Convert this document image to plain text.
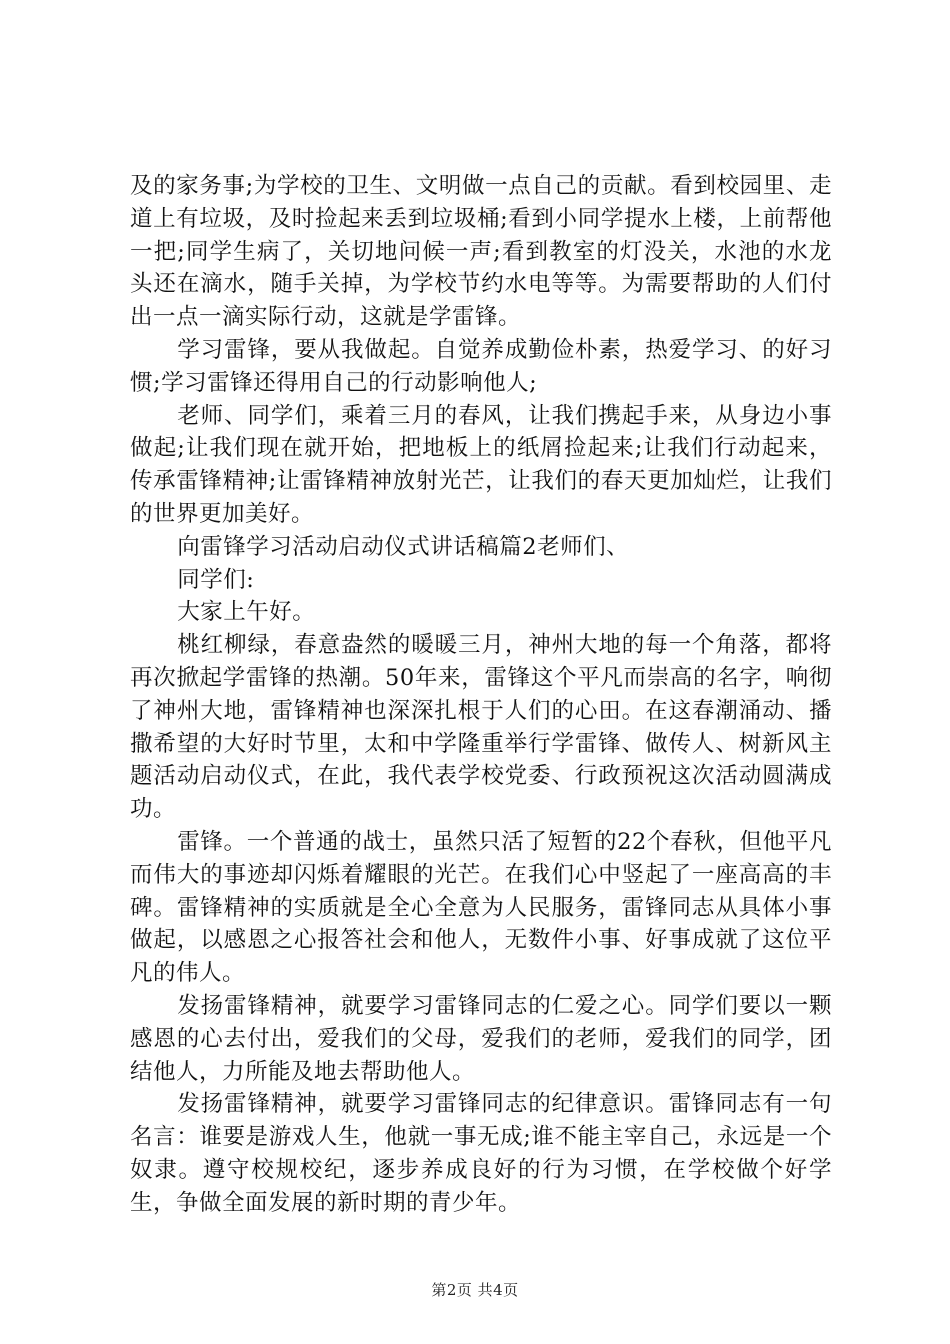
及的家务事;为学校的卫生、文明做一点自己的贡献。看到校园里、走道上有垃圾，及时捡起来丢到垃圾桶;看到小同学提水上楼，上前帮他一把;同学生病了，关切地问候一声;看到教室的灯没关，水池的水龙头还在滴水，随手关掉，为学校节约水电等等。为需要帮助的人们付出一点一滴实际行动，这就是学雷锋。

学习雷锋，要从我做起。自觉养成勤俭朴素，热爱学习、的好习惯;学习雷锋还得用自己的行动影响他人;

老师、同学们，乘着三月的春风，让我们携起手来，从身边小事做起;让我们现在就开始，把地板上的纸屑捡起来;让我们行动起来，传承雷锋精神;让雷锋精神放射光芒，让我们的春天更加灿烂，让我们的世界更加美好。

向雷锋学习活动启动仪式讲话稿篇2老师们、

同学们:

大家上午好。

桃红柳绿，春意盎然的暖暖三月，神州大地的每一个角落，都将再次掀起学雷锋的热潮。50年来，雷锋这个平凡而崇高的名字，响彻了神州大地，雷锋精神也深深扎根于人们的心田。在这春潮涌动、播撒希望的大好时节里，太和中学隆重举行学雷锋、做传人、树新风主题活动启动仪式，在此，我代表学校党委、行政预祝这次活动圆满成功。

雷锋。一个普通的战士，虽然只活了短暂的22个春秋，但他平凡而伟大的事迹却闪烁着耀眼的光芒。在我们心中竖起了一座高高的丰碑。雷锋精神的实质就是全心全意为人民服务，雷锋同志从具体小事做起，以感恩之心报答社会和他人，无数件小事、好事成就了这位平凡的伟人。

发扬雷锋精神，就要学习雷锋同志的仁爱之心。同学们要以一颗感恩的心去付出，爱我们的父母，爱我们的老师，爱我们的同学，团结他人，力所能及地去帮助他人。

发扬雷锋精神，就要学习雷锋同志的纪律意识。雷锋同志有一句名言：谁要是游戏人生，他就一事无成;谁不能主宰自己，永远是一个奴隶。遵守校规校纪，逐步养成良好的行为习惯，在学校做个好学生，争做全面发展的新时期的青少年。

第2页 共4页
